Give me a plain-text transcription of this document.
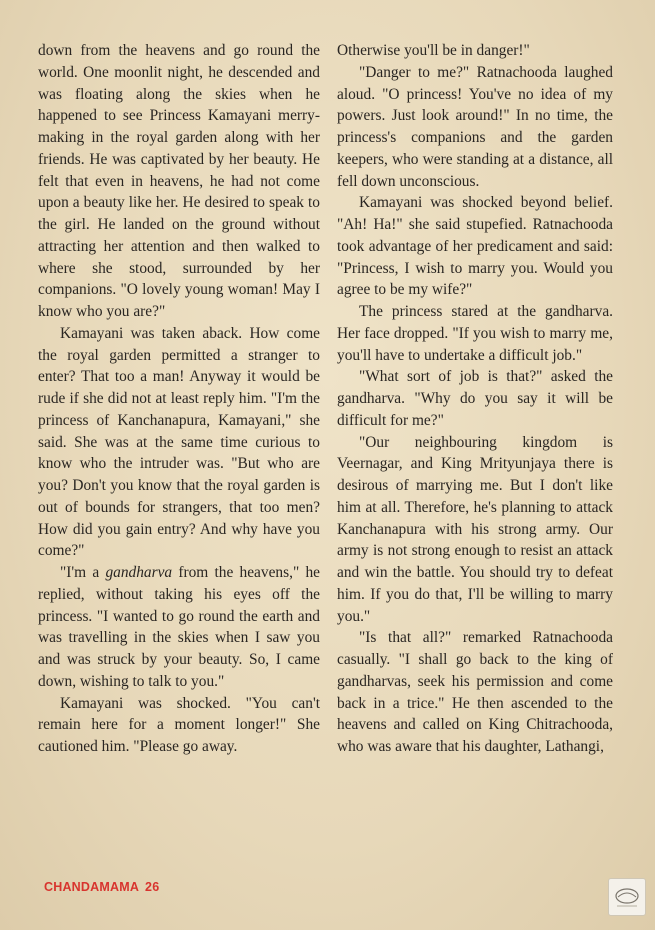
down from the heavens and go round the world. One moonlit night, he descended and was floating along the skies when he happened to see Princess Kamayani merry-making in the royal garden along with her friends. He was captivated by her beauty. He felt that even in heavens, he had not come upon a beauty like her. He desired to speak to the girl. He landed on the ground without attracting her attention and then walked to where she stood, surrounded by her companions. "O lovely young woman! May I know who you are?"

Kamayani was taken aback. How come the royal garden permitted a stranger to enter? That too a man! Anyway it would be rude if she did not at least reply him. "I'm the princess of Kanchanapura, Kamayani," she said. She was at the same time curious to know who the intruder was. "But who are you? Don't you know that the royal garden is out of bounds for strangers, that too men? How did you gain entry? And why have you come?"

"I'm a gandharva from the heavens," he replied, without taking his eyes off the princess. "I wanted to go round the earth and was travelling in the skies when I saw you and was struck by your beauty. So, I came down, wishing to talk to you."

Kamayani was shocked. "You can't remain here for a moment longer!" She cautioned him. "Please go away.

Otherwise you'll be in danger!"

"Danger to me?" Ratnachooda laughed aloud. "O princess! You've no idea of my powers. Just look around!" In no time, the princess's companions and the garden keepers, who were standing at a distance, all fell down unconscious.

Kamayani was shocked beyond belief. "Ah! Ha!" she said stupefied. Ratnachooda took advantage of her predicament and said: "Princess, I wish to marry you. Would you agree to be my wife?"

The princess stared at the gandharva. Her face dropped. "If you wish to marry me, you'll have to undertake a difficult job."

"What sort of job is that?" asked the gandharva. "Why do you say it will be difficult for me?"

"Our neighbouring kingdom is Veernagar, and King Mrityunjaya there is desirous of marrying me. But I don't like him at all. Therefore, he's planning to attack Kanchanapura with his strong army. Our army is not strong enough to resist an attack and win the battle. You should try to defeat him. If you do that, I'll be willing to marry you."

"Is that all?" remarked Ratnachooda casually. "I shall go back to the king of gandharvas, seek his permission and come back in a trice." He then ascended to the heavens and called on King Chitrachooda, who was aware that his daughter, Lathangi,

CHANDAMAMA 26
